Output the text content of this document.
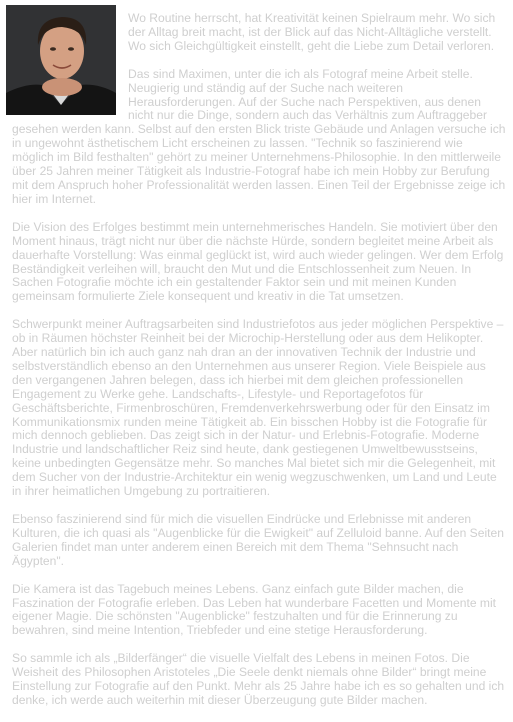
Wo Routine herrscht, hat Kreativität keinen Spielraum mehr. Wo sich der Alltag breit macht, ist der Blick auf das Nicht-Alltägliche verstellt. Wo sich Gleichgültigkeit einstellt, geht die Liebe zum Detail verloren.

Das sind Maximen, unter die ich als Fotograf meine Arbeit stelle. Neugierig und ständig auf der Suche nach weiteren Herausforderungen. Auf der Suche nach Perspektiven, aus denen nicht nur die Dinge, sondern auch das Verhältnis zum Auftraggeber gesehen werden kann. Selbst auf den ersten Blick triste Gebäude und Anlagen versuche ich in ungewohnt ästhetischem Licht erscheinen zu lassen. "Technik so faszinierend wie möglich im Bild festhalten" gehört zu meiner Unternehmens-Philosophie. In den mittlerweile über 25 Jahren meiner Tätigkeit als Industrie-Fotograf habe ich mein Hobby zur Berufung mit dem Anspruch hoher Professionalität werden lassen. Einen Teil der Ergebnisse zeige ich hier im Internet.

Die Vision des Erfolges bestimmt mein unternehmerisches Handeln. Sie motiviert über den Moment hinaus, trägt nicht nur über die nächste Hürde, sondern begleitet meine Arbeit als dauerhafte Vorstellung: Was einmal geglückt ist, wird auch wieder gelingen. Wer dem Erfolg Beständigkeit verleihen will, braucht den Mut und die Entschlossenheit zum Neuen. In Sachen Fotografie möchte ich ein gestaltender Faktor sein und mit meinen Kunden gemeinsam formulierte Ziele konsequent und kreativ in die Tat umsetzen.

Schwerpunkt meiner Auftragsarbeiten sind Industriefotos aus jeder möglichen Perspektive – ob in Räumen höchster Reinheit bei der Microchip-Herstellung oder aus dem Helikopter. Aber natürlich bin ich auch ganz nah dran an der innovativen Technik der Industrie und selbstverständlich ebenso an den Unternehmen aus unserer Region. Viele Beispiele aus den vergangenen Jahren belegen, dass ich hierbei mit dem gleichen professionellen Engagement zu Werke gehe. Landschafts-, Lifestyle- und Reportagefotos für Geschäftsberichte, Firmenbroschüren, Fremdenverkehrswerbung oder für den Einsatz im Kommunikationsmix runden meine Tätigkeit ab. Ein bisschen Hobby ist die Fotografie für mich dennoch geblieben. Das zeigt sich in der Natur- und Erlebnis-Fotografie. Moderne Industrie und landschaftlicher Reiz sind heute, dank gestiegenen Umweltbewusstseins, keine unbedingten Gegensätze mehr. So manches Mal bietet sich mir die Gelegenheit, mit dem Sucher von der Industrie-Architektur ein wenig wegzuschwenken, um Land und Leute in ihrer heimatlichen Umgebung zu portraitieren.

Ebenso faszinierend sind für mich die visuellen Eindrücke und Erlebnisse mit anderen Kulturen, die ich quasi als "Augenblicke für die Ewigkeit" auf Zelluloid banne. Auf den Seiten Galerien findet man unter anderem einen Bereich mit dem Thema "Sehnsucht nach Ägypten".

Die Kamera ist das Tagebuch meines Lebens. Ganz einfach gute Bilder machen, die Faszination der Fotografie erleben. Das Leben hat wunderbare Facetten und Momente mit eigener Magie. Die schönsten "Augenblicke" festzuhalten und für die Erinnerung zu bewahren, sind meine Intention, Triebfeder und eine stetige Herausforderung.

So sammle ich als „Bilderfänger“ die visuelle Vielfalt des Lebens in meinen Fotos. Die Weisheit des Philosophen Aristoteles „Die Seele denkt niemals ohne Bilder“ bringt meine Einstellung zur Fotografie auf den Punkt. Mehr als 25 Jahre habe ich es so gehalten und ich denke, ich werde auch weiterhin mit dieser Überzeugung gute Bilder machen.
